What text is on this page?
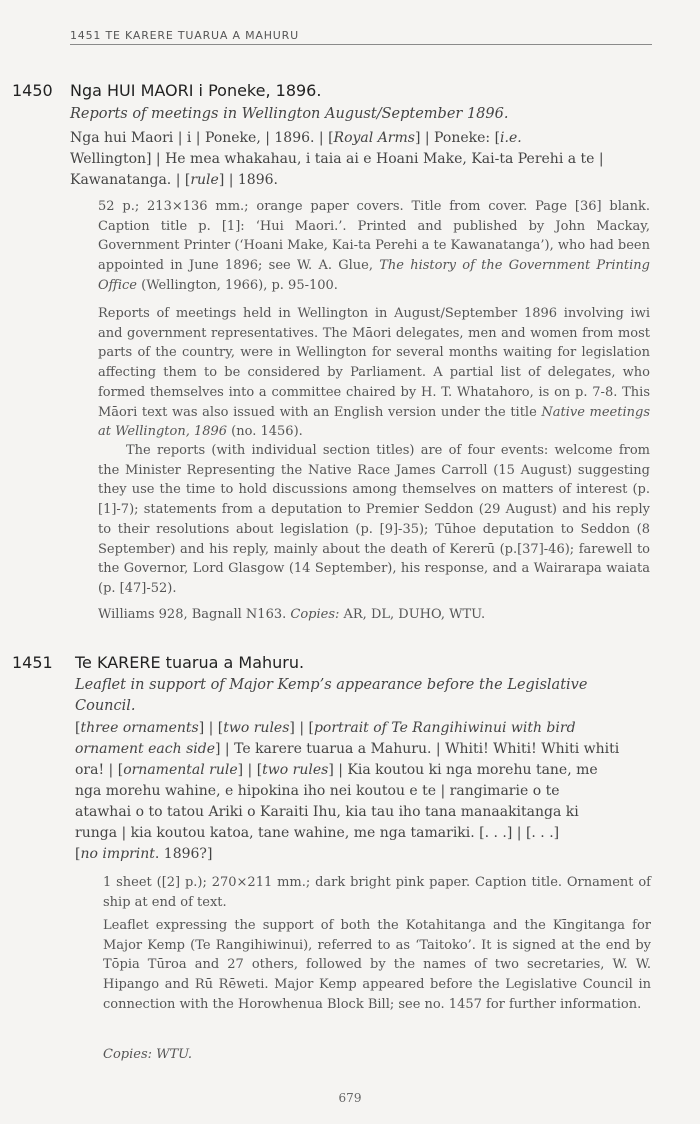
1451 TE KARERE TUARUA A MAHURU
1450 Nga HUI MAORI i Poneke, 1896.
Reports of meetings in Wellington August/September 1896.
Nga hui Maori | i | Poneke, | 1896. | [Royal Arms] | Poneke: [i.e.
Wellington] | He mea whakahau, i taia ai e Hoani Make, Kai-ta Perehi a te |
Kawanatanga. | [rule] | 1896.
52 p.; 213×136 mm.; orange paper covers. Title from cover. Page [36] blank. Caption title p. [1]: ‘Hui Maori.’. Printed and published by John Mackay, Government Printer (‘Hoani Make, Kai-ta Perehi a te Kawanatanga’), who had been appointed in June 1896; see W. A. Glue, The history of the Government Printing Office (Wellington, 1966), p. 95-100.
Reports of meetings held in Wellington in August/September 1896 involving iwi and government representatives. The Māori delegates, men and women from most parts of the country, were in Wellington for several months waiting for legislation affecting them to be considered by Parliament. A partial list of delegates, who formed themselves into a committee chaired by H. T. Whatahoro, is on p. 7-8. This Māori text was also issued with an English version under the title Native meetings at Wellington, 1896 (no. 1456).
The reports (with individual section titles) are of four events: welcome from the Minister Representing the Native Race James Carroll (15 August) suggesting they use the time to hold discussions among themselves on matters of interest (p. [1]-7); statements from a deputation to Premier Seddon (29 August) and his reply to their resolutions about legislation (p. [9]-35); Tūhoe deputation to Seddon (8 September) and his reply, mainly about the death of Kererū (p.[37]-46); farewell to the Governor, Lord Glasgow (14 September), his response, and a Wairarapa waiata (p. [47]-52).
Williams 928, Bagnall N163. Copies: AR, DL, DUHO, WTU.
1451 Te KARERE tuarua a Mahuru.
Leaflet in support of Major Kemp’s appearance before the Legislative
Council.
[three ornaments] | [two rules] | [portrait of Te Rangihiwinui with bird
ornament each side] | Te karere tuarua a Mahuru. | Whiti! Whiti! Whiti whiti
ora! | [ornamental rule] | [two rules] | Kia koutou ki nga morehu tane, me
nga morehu wahine, e hipokina iho nei koutou e te | rangimarie o te
atawhai o to tatou Ariki o Karaiti Ihu, kia tau iho tana manaakitanga ki
runga | kia koutou katoa, tane wahine, me nga tamariki. [. . .] | [. . .]
[no imprint. 1896?]
1 sheet ([2] p.); 270×211 mm.; dark bright pink paper. Caption title. Ornament of ship at end of text.
Leaflet expressing the support of both the Kotahitanga and the Kīngitanga for Major Kemp (Te Rangihiwinui), referred to as ‘Taitoko’. It is signed at the end by Tōpia Tūroa and 27 others, followed by the names of two secretaries, W. W. Hipango and Rū Rēweti. Major Kemp appeared before the Legislative Council in connection with the Horowhenua Block Bill; see no. 1457 for further information.
Copies: WTU.
679
